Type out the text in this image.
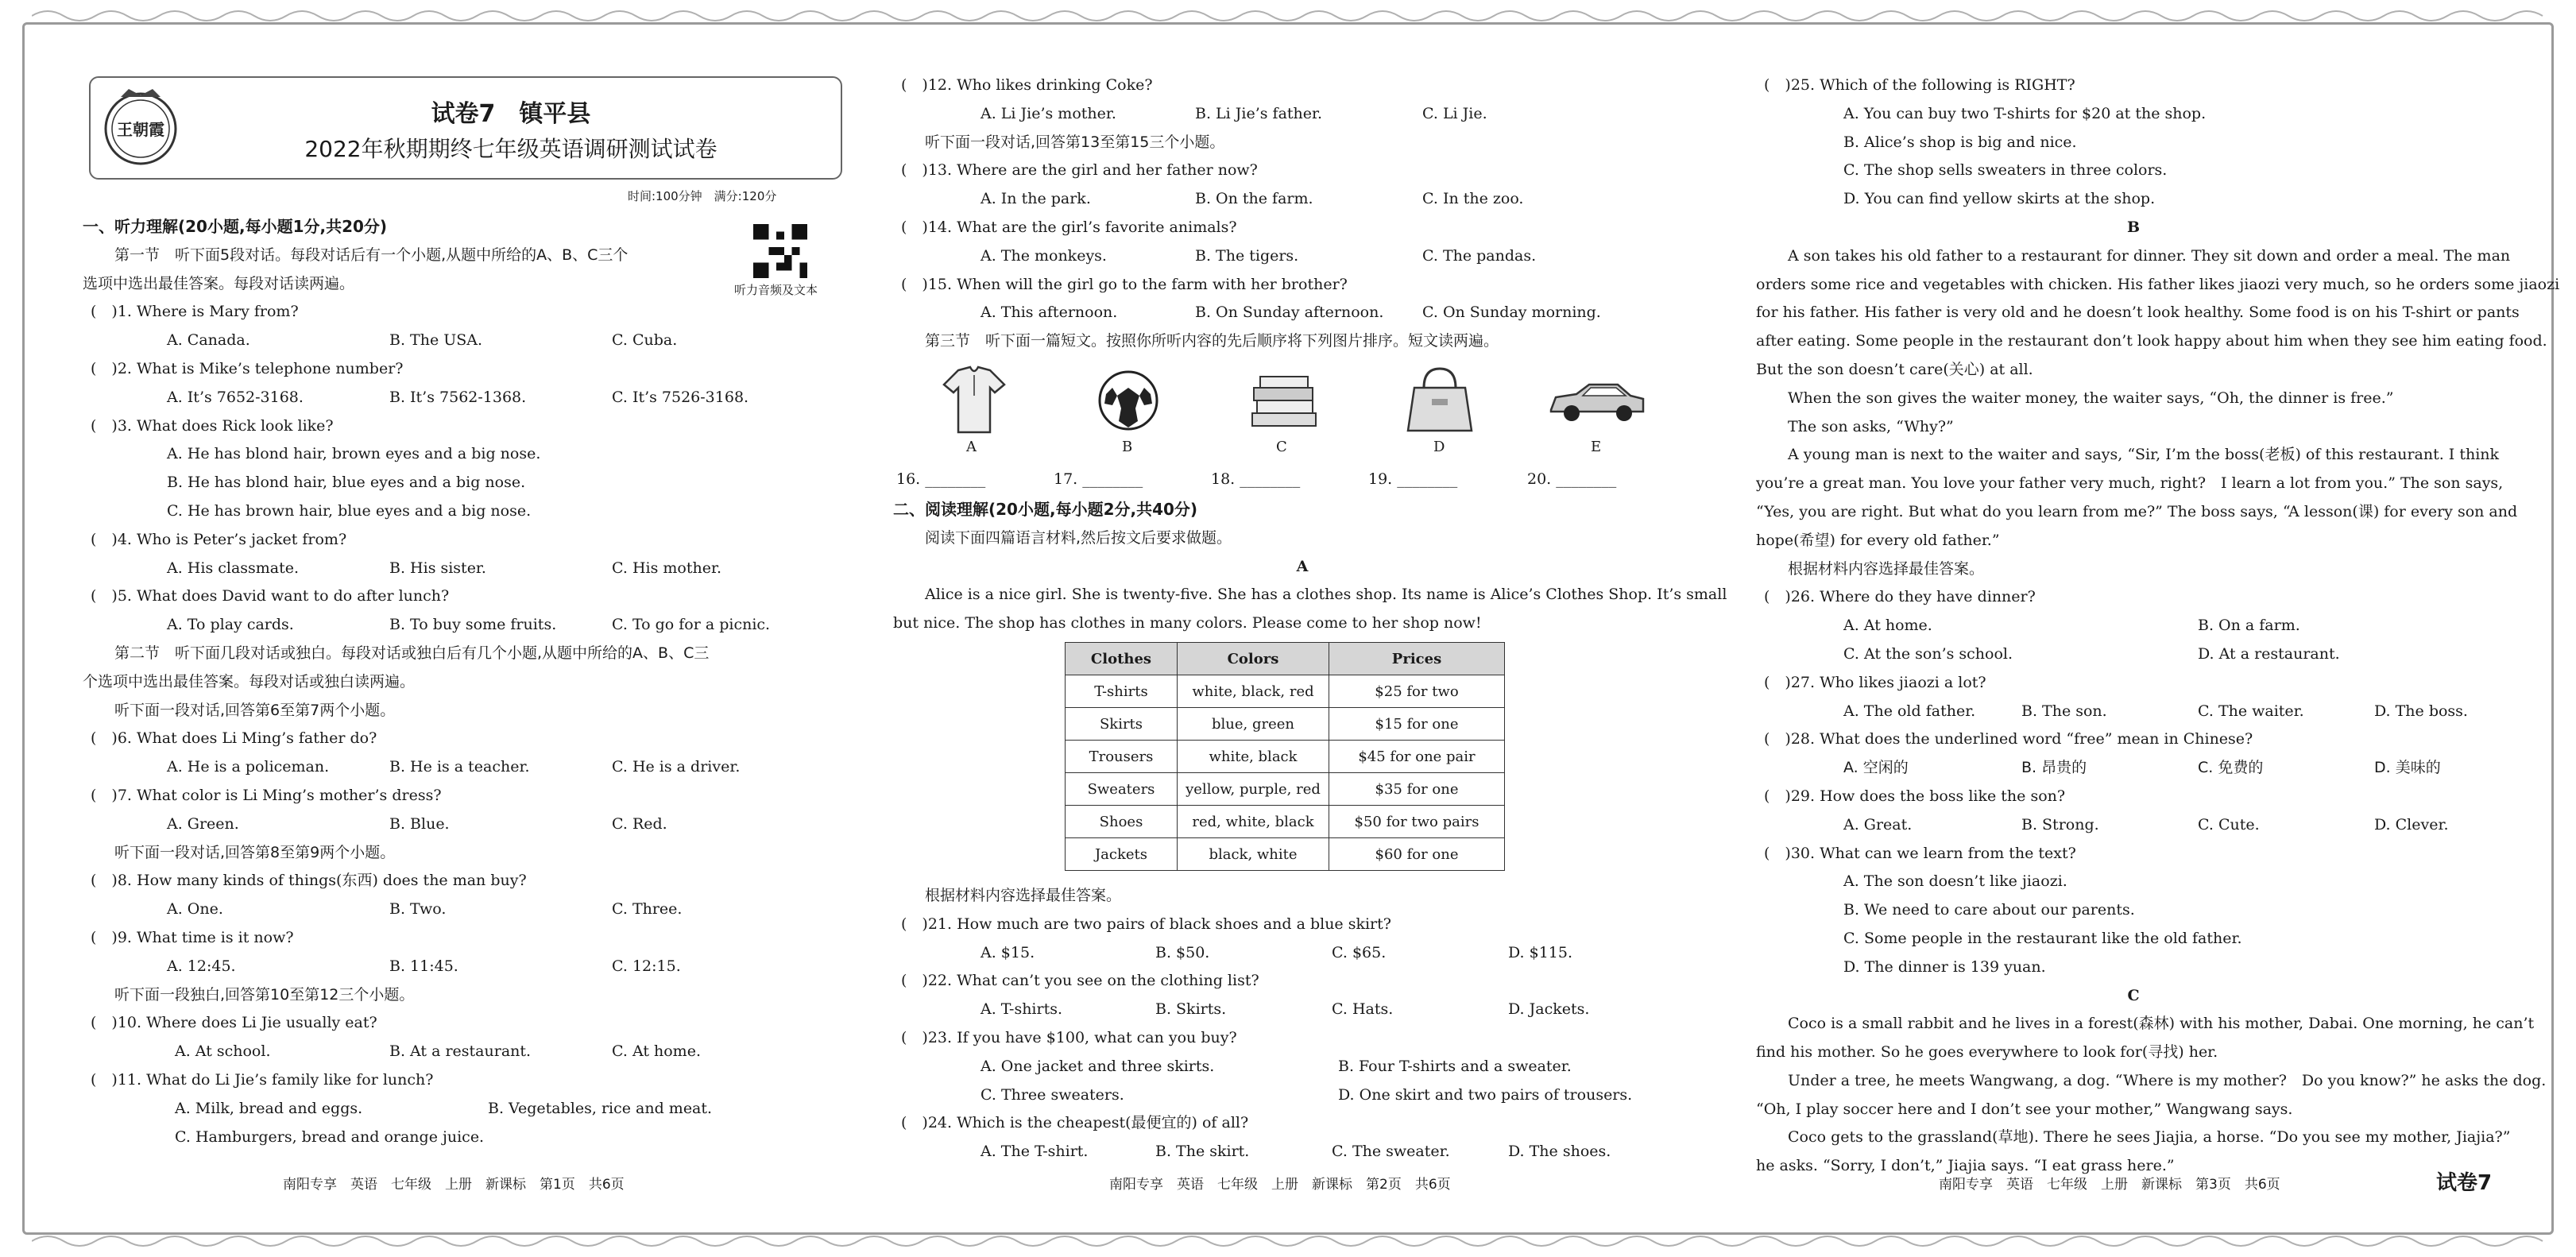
王朝霞
试卷7　镇平县
2022年秋期期终七年级英语调研测试试卷
时间:100分钟　满分:120分
听力音频及文本
一、听力理解(20小题,每小题1分,共20分)
第一节　听下面5段对话。每段对话后有一个小题,从题中所给的A、B、C三个
选项中选出最佳答案。每段对话读两遍。
(　)1. Where is Mary from?
A. Canada.	B. The USA.	C. Cuba.
(　)2. What is Mike’s telephone number?
A. It’s 7652-3168.	B. It’s 7562-1368.	C. It’s 7526-3168.
(　)3. What does Rick look like?
A. He has blond hair, brown eyes and a big nose.
B. He has blond hair, blue eyes and a big nose.
C. He has brown hair, blue eyes and a big nose.
(　)4. Who is Peter’s jacket from?
A. His classmate.	B. His sister.	C. His mother.
(　)5. What does David want to do after lunch?
A. To play cards.	B. To buy some fruits.	C. To go for a picnic.
第二节　听下面几段对话或独白。每段对话或独白后有几个小题,从题中所给的A、B、C三
个选项中选出最佳答案。每段对话或独白读两遍。
听下面一段对话,回答第6至第7两个小题。
(　)6. What does Li Ming’s father do?
A. He is a policeman.	B. He is a teacher.	C. He is a driver.
(　)7. What color is Li Ming’s mother’s dress?
A. Green.	B. Blue.	C. Red.
听下面一段对话,回答第8至第9两个小题。
(　)8. How many kinds of things(东西) does the man buy?
A. One.	B. Two.	C. Three.
(　)9. What time is it now?
A. 12:45.	B. 11:45.	C. 12:15.
听下面一段独白,回答第10至第12三个小题。
(　)10. Where does Li Jie usually eat?
A. At school.	B. At a restaurant.	C. At home.
(　)11. What do Li Jie’s family like for lunch?
A. Milk, bread and eggs.	B. Vegetables, rice and meat.
C. Hamburgers, bread and orange juice.
南阳专享　英语　七年级　上册　新课标　第1页　共6页
(　)12. Who likes drinking Coke?
A. Li Jie’s mother.	B. Li Jie’s father.	C. Li Jie.
听下面一段对话,回答第13至第15三个小题。
(　)13. Where are the girl and her father now?
A. In the park.	B. On the farm.	C. In the zoo.
(　)14. What are the girl’s favorite animals?
A. The monkeys.	B. The tigers.	C. The pandas.
(　)15. When will the girl go to the farm with her brother?
A. This afternoon.	B. On Sunday afternoon.	C. On Sunday morning.
第三节　听下面一篇短文。按照你所听内容的先后顺序将下列图片排序。短文读两遍。
A	B	C	D	E
16. ________	17. ________	18. ________	19. ________	20. ________
二、阅读理解(20小题,每小题2分,共40分)
阅读下面四篇语言材料,然后按文后要求做题。
A
Alice is a nice girl. She is twenty-five. She has a clothes shop. Its name is Alice’s Clothes Shop. It’s small
but nice. The shop has clothes in many colors. Please come to her shop now!
Clothes	Colors	Prices
T-shirts	white, black, red	$25 for two
Skirts	blue, green	$15 for one
Trousers	white, black	$45 for one pair
Sweaters	yellow, purple, red	$35 for one
Shoes	red, white, black	$50 for two pairs
Jackets	black, white	$60 for one
根据材料内容选择最佳答案。
(　)21. How much are two pairs of black shoes and a blue skirt?
A. $15.	B. $50.	C. $65.	D. $115.
(　)22. What can’t you see on the clothing list?
A. T-shirts.	B. Skirts.	C. Hats.	D. Jackets.
(　)23. If you have $100, what can you buy?
A. One jacket and three skirts.	B. Four T-shirts and a sweater.
C. Three sweaters.	D. One skirt and two pairs of trousers.
(　)24. Which is the cheapest(最便宜的) of all?
A. The T-shirt.	B. The skirt.	C. The sweater.	D. The shoes.
南阳专享　英语　七年级　上册　新课标　第2页　共6页
(　)25. Which of the following is RIGHT?
A. You can buy two T-shirts for $20 at the shop.
B. Alice’s shop is big and nice.
C. The shop sells sweaters in three colors.
D. You can find yellow skirts at the shop.
B
A son takes his old father to a restaurant for dinner. They sit down and order a meal. The man
orders some rice and vegetables with chicken. His father likes jiaozi very much, so he orders some jiaozi
for his father. His father is very old and he doesn’t look healthy. Some food is on his T-shirt or pants
after eating. Some people in the restaurant don’t look happy about him when they see him eating food.
But the son doesn’t care(关心) at all.
When the son gives the waiter money, the waiter says, “Oh, the dinner is free.”
The son asks, “Why?”
A young man is next to the waiter and says, “Sir, I’m the boss(老板) of this restaurant. I think
you’re a great man. You love your father very much, right?　I learn a lot from you.” The son says,
“Yes, you are right. But what do you learn from me?” The boss says, “A lesson(课) for every son and
hope(希望) for every old father.”
根据材料内容选择最佳答案。
(　)26. Where do they have dinner?
A. At home.	B. On a farm.
C. At the son’s school.	D. At a restaurant.
(　)27. Who likes jiaozi a lot?
A. The old father.	B. The son.	C. The waiter.	D. The boss.
(　)28. What does the underlined word “free” mean in Chinese?
A. 空闲的	B. 昂贵的	C. 免费的	D. 美味的
(　)29. How does the boss like the son?
A. Great.	B. Strong.	C. Cute.	D. Clever.
(　)30. What can we learn from the text?
A. The son doesn’t like jiaozi.
B. We need to care about our parents.
C. Some people in the restaurant like the old father.
D. The dinner is 139 yuan.
C
Coco is a small rabbit and he lives in a forest(森林) with his mother, Dabai. One morning, he can’t
find his mother. So he goes everywhere to look for(寻找) her.
Under a tree, he meets Wangwang, a dog. “Where is my mother?　Do you know?” he asks the dog.
“Oh, I play soccer here and I don’t see your mother,” Wangwang says.
Coco gets to the grassland(草地). There he sees Jiajia, a horse. “Do you see my mother, Jiajia?”
he asks. “Sorry, I don’t,” Jiajia says. “I eat grass here.”
南阳专享　英语　七年级　上册　新课标　第3页　共6页	试卷7
